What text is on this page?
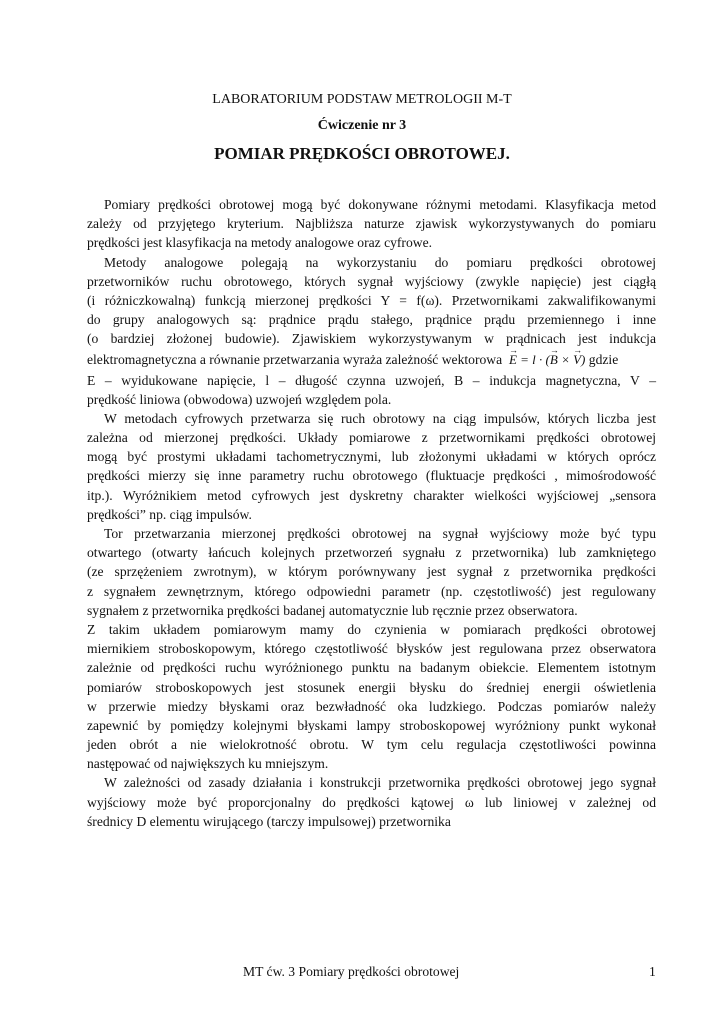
LABORATORIUM PODSTAW METROLOGII M-T
Ćwiczenie nr 3
POMIAR PRĘDKOŚCI OBROTOWEJ.
Pomiary prędkości obrotowej mogą być dokonywane różnymi metodami. Klasyfikacja metod
zależy od przyjętego kryterium. Najbliższa naturze zjawisk wykorzystywanych do pomiaru
prędkości jest klasyfikacja na metody analogowe oraz cyfrowe.
Metody analogowe polegają na wykorzystaniu do pomiaru prędkości obrotowej
przetworników ruchu obrotowego, których sygnał wyjściowy (zwykle napięcie) jest ciągłą
(i różniczkowalną) funkcją mierzonej prędkości Y = f(ω). Przetwornikami zakwalifikowanymi
do grupy analogowych są: prądnice prądu stałego, prądnice prądu przemiennego i inne
(o bardziej złożonej budowie). Zjawiskiem wykorzystywanym w prądnicach jest indukcja
elektromagnetyczna a równanie przetwarzania wyraża zależność wektorowa → E = l · (→ B × → V) gdzie
E – wyidukowane napięcie, l – długość czynna uzwojeń, B – indukcja magnetyczna, V –
prędkość liniowa (obwodowa) uzwojeń względem pola.
W metodach cyfrowych przetwarza się ruch obrotowy na ciąg impulsów, których liczba jest
zależna od mierzonej prędkości. Układy pomiarowe z przetwornikami prędkości obrotowej
mogą być prostymi układami tachometrycznymi, lub złożonymi układami w których oprócz
prędkości mierzy się inne parametry ruchu obrotowego (fluktuacje prędkości , mimośrodowość
itp.). Wyróżnikiem metod cyfrowych jest dyskretny charakter wielkości wyjściowej „sensora
prędkości” np. ciąg impulsów.
Tor przetwarzania mierzonej prędkości obrotowej na sygnał wyjściowy może być typu
otwartego (otwarty łańcuch kolejnych przetworzeń sygnału z przetwornika) lub zamkniętego
(ze sprzężeniem zwrotnym), w którym porównywany jest sygnał z przetwornika prędkości
z sygnałem zewnętrznym, którego odpowiedni parametr (np. częstotliwość) jest regulowany
sygnałem z przetwornika prędkości badanej automatycznie lub ręcznie przez obserwatora.
Z takim układem pomiarowym mamy do czynienia w pomiarach prędkości obrotowej
miernikiem stroboskopowym, którego częstotliwość błysków jest regulowana przez obserwatora
zależnie od prędkości ruchu wyróżnionego punktu na badanym obiekcie. Elementem istotnym
pomiarów stroboskopowych jest stosunek energii błysku do średniej energii oświetlenia
w przerwie miedzy błyskami oraz bezwładność oka ludzkiego. Podczas pomiarów należy
zapewnić by pomiędzy kolejnymi błyskami lampy stroboskopowej wyróżniony punkt wykonał
jeden obrót a nie wielokrotność obrotu. W tym celu regulacja częstotliwości powinna
następować od największych ku mniejszym.
W zależności od zasady działania i konstrukcji przetwornika prędkości obrotowej jego sygnał
wyjściowy może być proporcjonalny do prędkości kątowej ω lub liniowej v zależnej od
średnicy D elementu wirującego (tarczy impulsowej) przetwornika
MT ćw. 3 Pomiary prędkości obrotowej	1
